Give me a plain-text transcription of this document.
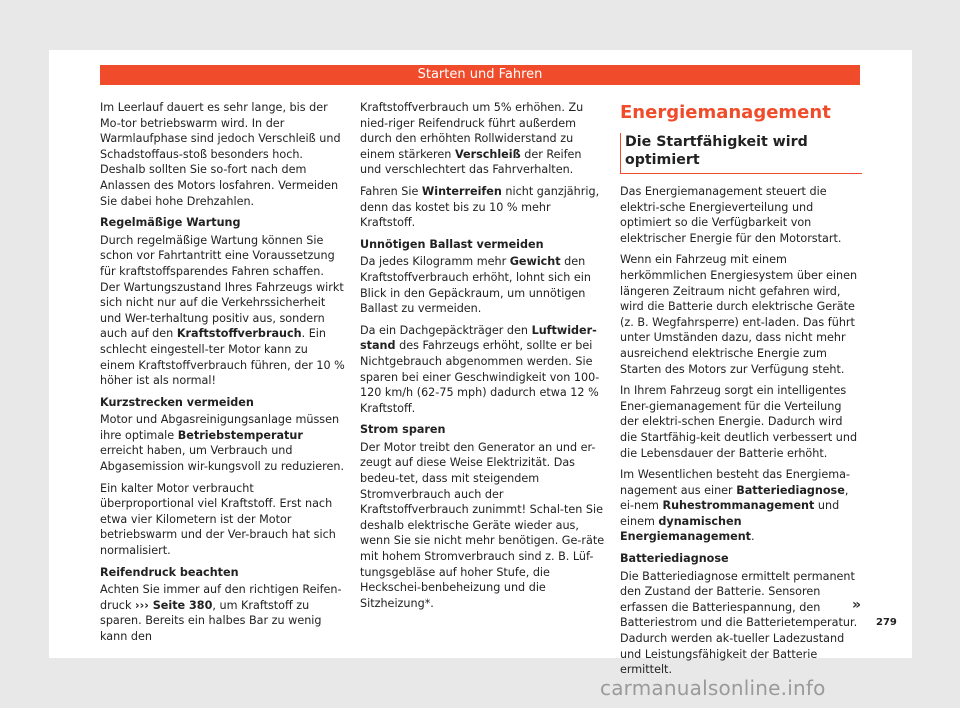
Starten und Fahren

Im Leerlauf dauert es sehr lange, bis der Mo-tor betriebswarm wird. In der Warmlaufphase sind jedoch Verschleiß und Schadstoffaus-stoß besonders hoch. Deshalb sollten Sie so-fort nach dem Anlassen des Motors losfahren. Vermeiden Sie dabei hohe Drehzahlen.

Regelmäßige Wartung

Durch regelmäßige Wartung können Sie schon vor Fahrtantritt eine Voraussetzung für kraftstoffsparendes Fahren schaffen. Der Wartungszustand Ihres Fahrzeugs wirkt sich nicht nur auf die Verkehrssicherheit und Wer-terhaltung positiv aus, sondern auch auf den Kraftstoffverbrauch. Ein schlecht eingestell-ter Motor kann zu einem Kraftstoffverbrauch führen, der 10 % höher ist als normal!

Kurzstrecken vermeiden

Motor und Abgasreinigungsanlage müssen ihre optimale Betriebstemperatur erreicht haben, um Verbrauch und Abgasemission wir-kungsvoll zu reduzieren.

Ein kalter Motor verbraucht überproportional viel Kraftstoff. Erst nach etwa vier Kilometern ist der Motor betriebswarm und der Ver-brauch hat sich normalisiert.

Reifendruck beachten

Achten Sie immer auf den richtigen Reifen-druck ››› Seite 380, um Kraftstoff zu sparen. Bereits ein halbes Bar zu wenig kann den

Kraftstoffverbrauch um 5% erhöhen. Zu nied-riger Reifendruck führt außerdem durch den erhöhten Rollwiderstand zu einem stärkeren Verschleiß der Reifen und verschlechtert das Fahrverhalten.

Fahren Sie Winterreifen nicht ganzjährig, denn das kostet bis zu 10 % mehr Kraftstoff.

Unnötigen Ballast vermeiden

Da jedes Kilogramm mehr Gewicht den Kraftstoffverbrauch erhöht, lohnt sich ein Blick in den Gepäckraum, um unnötigen Ballast zu vermeiden.

Da ein Dachgepäckträger den Luftwider-stand des Fahrzeugs erhöht, sollte er bei Nichtgebrauch abgenommen werden. Sie sparen bei einer Geschwindigkeit von 100-120 km/h (62-75 mph) dadurch etwa 12 % Kraftstoff.

Strom sparen

Der Motor treibt den Generator an und er-zeugt auf diese Weise Elektrizität. Das bedeu-tet, dass mit steigendem Stromverbrauch auch der Kraftstoffverbrauch zunimmt! Schal-ten Sie deshalb elektrische Geräte wieder aus, wenn Sie sie nicht mehr benötigen. Ge-räte mit hohem Stromverbrauch sind z. B. Lüf-tungsgebläse auf hoher Stufe, die Heckschei-benbeheizung und die Sitzheizung*.

Energiemanagement
Die Startfähigkeit wird optimiert

Das Energiemanagement steuert die elektri-sche Energieverteilung und optimiert so die Verfügbarkeit von elektrischer Energie für den Motorstart.

Wenn ein Fahrzeug mit einem herkömmlichen Energiesystem über einen längeren Zeitraum nicht gefahren wird, wird die Batterie durch elektrische Geräte (z. B. Wegfahrsperre) ent-laden. Das führt unter Umständen dazu, dass nicht mehr ausreichend elektrische Energie zum Starten des Motors zur Verfügung steht.

In Ihrem Fahrzeug sorgt ein intelligentes Ener-giemanagement für die Verteilung der elektri-schen Energie. Dadurch wird die Startfähig-keit deutlich verbessert und die Lebensdauer der Batterie erhöht.

Im Wesentlichen besteht das Energiema-nagement aus einer Batteriediagnose, ei-nem Ruhestrommanagement und einem dynamischen Energiemanagement.

Batteriediagnose

Die Batteriediagnose ermittelt permanent den Zustand der Batterie. Sensoren erfassen die Batteriespannung, den Batteriestrom und die Batterietemperatur. Dadurch werden ak-tueller Ladezustand und Leistungsfähigkeit der Batterie ermittelt.

»
279
carmanualsonline.info
